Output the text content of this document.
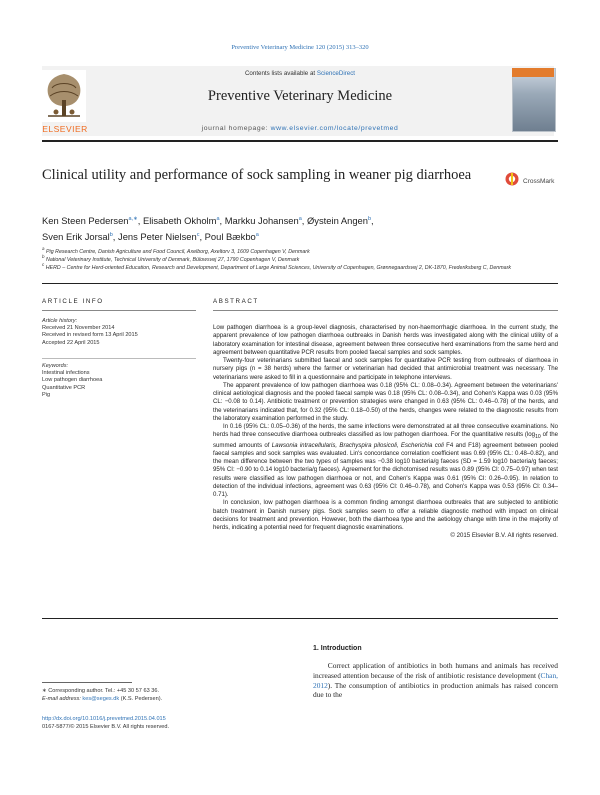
Preventive Veterinary Medicine 120 (2015) 313–320
ELSEVIER
Contents lists available at ScienceDirect
Preventive Veterinary Medicine
journal homepage: www.elsevier.com/locate/prevetmed
Clinical utility and performance of sock sampling in weaner pig diarrhoea	CrossMark
Ken Steen Pedersen$^{a,∗}$, Elisabeth Okholm$^a$, Markku Johansen$^a$, Øystein Angen$^b$,
Sven Erik Jorsal$^b$, Jens Peter Nielsen$^c$, Poul Bækbo$^a$
$^a$ Pig Research Centre, Danish Agriculture and Food Council, Axelborg, Axeltorv 3, 1609 Copenhagen V, Denmark
$^b$ National Veterinary Institute, Technical University of Denmark, Bülowsvej 27, 1790 Copenhagen V, Denmark
$^c$ HERD – Centre for Herd-oriented Education, Research and Development, Department of Large Animal Sciences, University of Copenhagen, Grønnegaardsvej 2, DK-1870, Frederiksberg C, Denmark
ARTICLE INFO
Article history:
Received 21 November 2014
Received in revised form 13 April 2015
Accepted 22 April 2015
Keywords:
Intestinal infections
Low pathogen diarrhoea
Quantitative PCR
Pig
ABSTRACT

Low pathogen diarrhoea is a group-level diagnosis, characterised by non-haemorrhagic diarrhoea. In the current study, the apparent prevalence of low pathogen diarrhoea outbreaks in Danish herds was investigated along with the clinical utility of a laboratory examination for intestinal disease, agreement between three consecutive herd examinations from the same herd and agreement between quantitative PCR results from pooled faecal samples and sock samples.

Twenty-four veterinarians submitted faecal and sock samples for quantitative PCR testing from outbreaks of diarrhoea in nursery pigs (n = 38 herds) where the farmer or veterinarian had decided that antimicrobial treatment was necessary. The veterinarians were asked to fill in a questionnaire and participate in telephone interviews.

The apparent prevalence of low pathogen diarrhoea was 0.18 (95% CL: 0.08–0.34). Agreement between the veterinarians' clinical aetiological diagnosis and the pooled faecal sample was 0.18 (95% CL: 0.08–0.34), and Cohen's Kappa was 0.03 (95% CL: −0.08 to 0.14). Antibiotic treatment or prevention strategies were changed in 0.63 (95% CL: 0.46–0.78) of the herds, and the veterinarians indicated that, for 0.32 (95% CL: 0.18–0.50) of the herds, changes were related to the diagnostic results from the laboratory examination performed in the study.

In 0.16 (95% CL: 0.05–0.36) of the herds, the same infections were demonstrated at all three consecutive examinations. No herds had three consecutive diarrhoea outbreaks classified as low pathogen diarrhoea. For the quantitative results ($\log_{10}$ of the summed amounts of Lawsonia intracellularis, Brachyspira pilosicoli, Escherichia coli F4 and F18) agreement between pooled faecal samples and sock samples was evaluated. Lin's concordance correlation coefficient was 0.69 (95% CL: 0.48–0.82), and the mean difference between the two types of samples was −0.38 log10 bacteria/g faeces (SD = 1.59 log10 bacteria/g faeces; 95% CI: −0.90 to 0.14 log10 bacteria/g faeces). Agreement for the dichotomised results was 0.89 (95% CI: 0.75–0.97) when test results were classified as low pathogen diarrhoea or not, and Cohen's Kappa was 0.61 (95% CI: 0.26–0.95). In relation to detection of the individual infections, agreement was 0.63 (95% CI: 0.46–0.78), and Cohen's Kappa was 0.53 (95% CI: 0.34–0.71).

In conclusion, low pathogen diarrhoea is a common finding amongst diarrhoea outbreaks that are subjected to antibiotic batch treatment in Danish nursery pigs. Sock samples seem to offer a reliable diagnostic method with impact on clinical decisions for treatment and prevention. However, both the diarrhoea type and the aetiology change with time in the majority of herds, indicating a potential need for frequent diagnostic examinations.

© 2015 Elsevier B.V. All rights reserved.

1. Introduction
  Correct application of antibiotics in both humans and animals has received increased attention because of the risk of antibiotic resistance development (Chan, 2012). The consumption of antibiotics in production animals has raised concern due to the
∗ Corresponding author. Tel.: +45 30 57 63 36.
E-mail address: kes@seges.dk (K.S. Pedersen).
http://dx.doi.org/10.1016/j.prevetmed.2015.04.015
0167-5877/© 2015 Elsevier B.V. All rights reserved.
